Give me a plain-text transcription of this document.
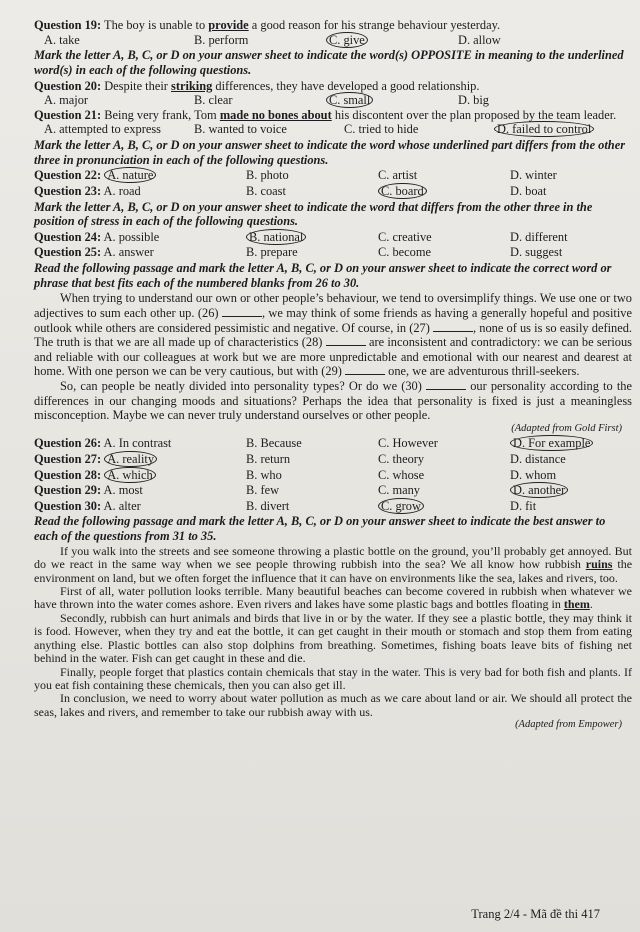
Question 19: The boy is unable to provide a good reason for his strange behaviour yesterday.

A. take	B. perform	C. give	D. allow

Mark the letter A, B, C, or D on your answer sheet to indicate the word(s) OPPOSITE in meaning to the underlined word(s) in each of the following questions.

Question 20: Despite their striking differences, they have developed a good relationship.

A. major	B. clear	C. small	D. big

Question 21: Being very frank, Tom made no bones about his discontent over the plan proposed by the team leader.

A. attempted to express	B. wanted to voice	C. tried to hide	D. failed to control

Mark the letter A, B, C, or D on your answer sheet to indicate the word whose underlined part differs from the other three in pronunciation in each of the following questions.

Question 22: A. nature	B. photo	C. artist	D. winter
Question 23: A. road	B. coast	C. board	D. boat

Mark the letter A, B, C, or D on your answer sheet to indicate the word that differs from the other three in the position of stress in each of the following questions.

Question 24: A. possible	B. national	C. creative	D. different
Question 25: A. answer	B. prepare	C. become	D. suggest

Read the following passage and mark the letter A, B, C, or D on your answer sheet to indicate the correct word or phrase that best fits each of the numbered blanks from 26 to 30.

When trying to understand our own or other people’s behaviour, we tend to oversimplify things. We use one or two adjectives to sum each other up. (26)	, we may think of some friends as having a generally hopeful and positive outlook while others are considered pessimistic and negative. Of course, in (27)	, none of us is so easily defined. The truth is that we are all made up of characteristics (28)	are inconsistent and contradictory: we can be serious and reliable with our colleagues at work but we are more unpredictable and emotional with our nearest and dearest at home. With one person we can be very cautious, but with (29)	one, we are adventurous thrill-seekers.

So, can people be neatly divided into personality types? Or do we (30)	our personality according to the differences in our changing moods and situations? Perhaps the idea that personality is fixed is just a meaningless misconception. Maybe we can never truly understand ourselves or other people.

(Adapted from Gold First)
Question 26: A. In contrast	B. Because	C. However	D. For example
Question 27: A. reality	B. return	C. theory	D. distance
Question 28: A. which	B. who	C. whose	D. whom
Question 29: A. most	B. few	C. many	D. another
Question 30: A. alter	B. divert	C. grow	D. fit

Read the following passage and mark the letter A, B, C, or D on your answer sheet to indicate the best answer to each of the questions from 31 to 35.

If you walk into the streets and see someone throwing a plastic bottle on the ground, you’ll probably get annoyed. But do we react in the same way when we see people throwing rubbish into the sea? We all know how rubbish ruins the environment on land, but we often forget the influence that it can have on environments like the sea, lakes and rivers, too.

First of all, water pollution looks terrible. Many beautiful beaches can become covered in rubbish when whatever we have thrown into the water comes ashore. Even rivers and lakes have some plastic bags and bottles floating in them.

Secondly, rubbish can hurt animals and birds that live in or by the water. If they see a plastic bottle, they may think it is food. However, when they try and eat the bottle, it can get caught in their mouth or stomach and stop them from eating anything else. Plastic bottles can also stop dolphins from breathing. Sometimes, fishing boats leave bits of fishing net behind in the water. Fish can get caught in these and die.

Finally, people forget that plastics contain chemicals that stay in the water. This is very bad for both fish and plants. If you eat fish containing these chemicals, then you can also get ill.

In conclusion, we need to worry about water pollution as much as we care about land or air. We should all protect the seas, lakes and rivers, and remember to take our rubbish away with us.

(Adapted from Empower)
Trang 2/4 - Mã đề thi 417
